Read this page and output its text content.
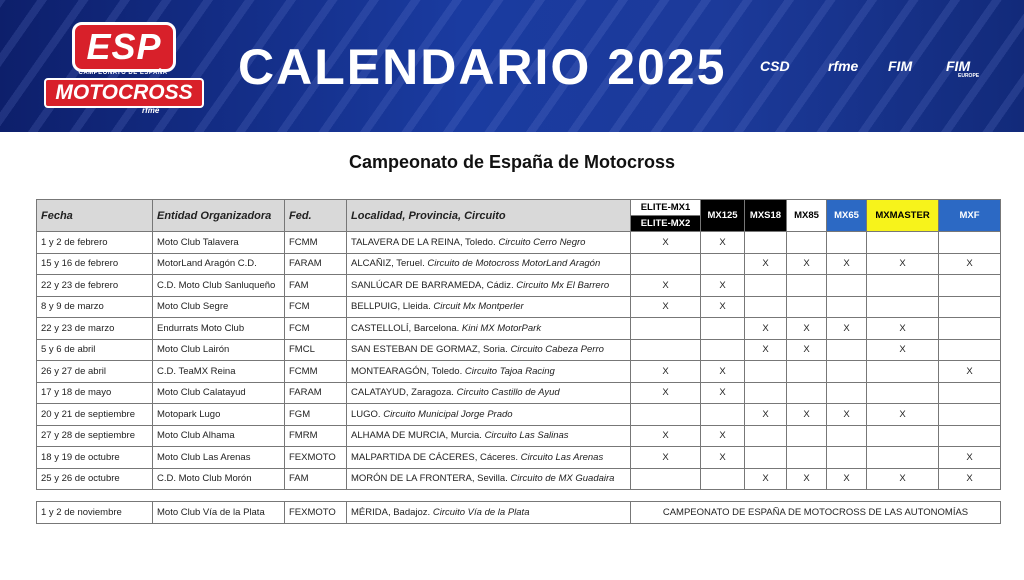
ESP
CAMPEONATO DE ESPAÑA
MOTOCROSS
rfme
CALENDARIO 2025 CSD	rfme FIM FIM
EUROPE
Campeonato de España de Motocross
Fecha	Entidad Organizadora	Fed.	Localidad, Provincia, Circuito	ELITE-MX1
ELITE-MX2	MX125	MXS18	MX85	MX65	MXMASTER	MXF
1 y 2 de febrero	Moto Club Talavera	FCMM	TALAVERA DE LA REINA, Toledo. Circuito Cerro Negro	X	X					
15 y 16 de febrero	MotorLand Aragón C.D.	FARAM	ALCAÑIZ, Teruel. Circuito de Motocross MotorLand Aragón			X	X	X	X	X
22 y 23 de febrero	C.D. Moto Club Sanluqueño	FAM	SANLÚCAR DE BARRAMEDA, Cádiz. Circuito Mx El Barrero	X	X					
8 y 9 de marzo	Moto Club Segre	FCM	BELLPUIG, Lleida. Circuit Mx Montperler	X	X					
22 y 23 de marzo	Endurrats Moto Club	FCM	CASTELLOLÍ, Barcelona. Kini MX MotorPark			X	X	X	X	
5 y 6 de abril	Moto Club Lairón	FMCL	SAN ESTEBAN DE GORMAZ, Soria. Circuito Cabeza Perro			X	X		X	
26 y 27 de abril	C.D. TeaMX Reina	FCMM	MONTEARAGÓN, Toledo. Circuito Tajoa Racing	X	X					X
17 y 18 de mayo	Moto Club Calatayud	FARAM	CALATAYUD, Zaragoza. Circuito Castillo de Ayud	X	X					
20 y 21 de septiembre	Motopark Lugo	FGM	LUGO. Circuito Municipal Jorge Prado			X	X	X	X	
27 y 28 de septiembre	Moto Club Alhama	FMRM	ALHAMA DE MURCIA, Murcia. Circuito Las Salinas	X	X					
18 y 19 de octubre	Moto Club Las Arenas	FEXMOTO	MALPARTIDA DE CÁCERES, Cáceres. Circuito Las Arenas	X	X					X
25 y 26 de octubre	C.D. Moto Club Morón	FAM	MORÓN DE LA FRONTERA, Sevilla. Circuito de MX Guadaira			X	X	X	X	X

1 y 2 de noviembre	Moto Club Vía de la Plata	FEXMOTO	MÉRIDA, Badajoz. Circuito Vía de la Plata	CAMPEONATO DE ESPAÑA DE MOTOCROSS DE LAS AUTONOMÍAS						
